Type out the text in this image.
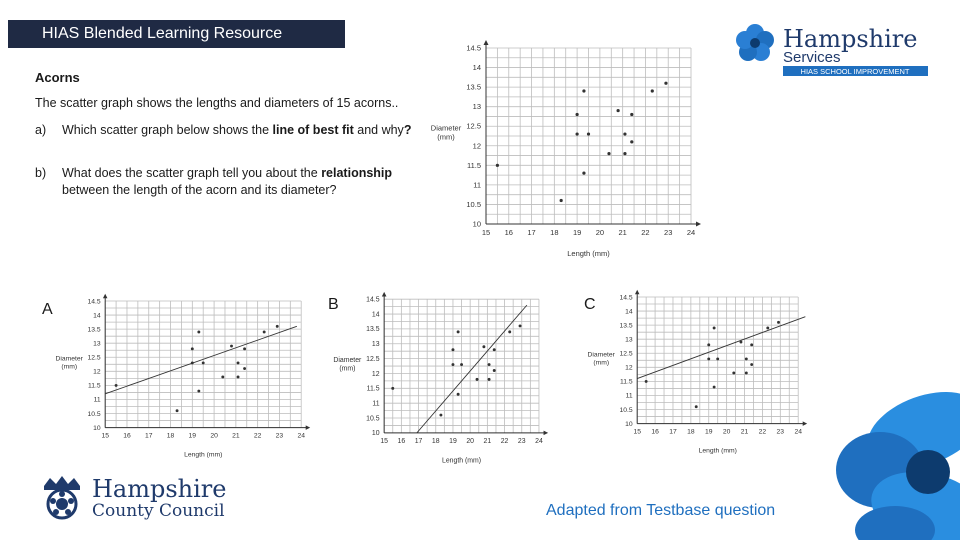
HIAS Blended Learning Resource
Acorns
The scatter graph shows the lengths and diameters of 15 acorns..
a) Which scatter graph below shows the line of best fit and why?
b) What does the scatter graph tell you about the relationship between the length of the acorn and its diameter?
15 16 17 18 19 20 21 22 23 24
10
10.5
11
11.5
12
12.5
13
13.5
14
14.5
Length (mm)
Diameter
(mm)
15 16 17 18 19 20 21 22 23 24
10
10.5
11
11.5
12
12.5
13
13.5
14
14.5
Length (mm)
Diameter
(mm)
15 16 17 18 19 20 21 22 23 24
10
10.5
11
11.5
12
12.5
13
13.5
14
14.5
Length (mm)
Diameter
(mm)
15 16 17 18 19 20 21 22 23 24
10
10.5
11
11.5
12
12.5
13
13.5
14
14.5
Length (mm)
Diameter
(mm)
A	B	C
Hampshire
Services
HIAS SCHOOL IMPROVEMENT
Hampshire
County Council	Adapted from Testbase question
